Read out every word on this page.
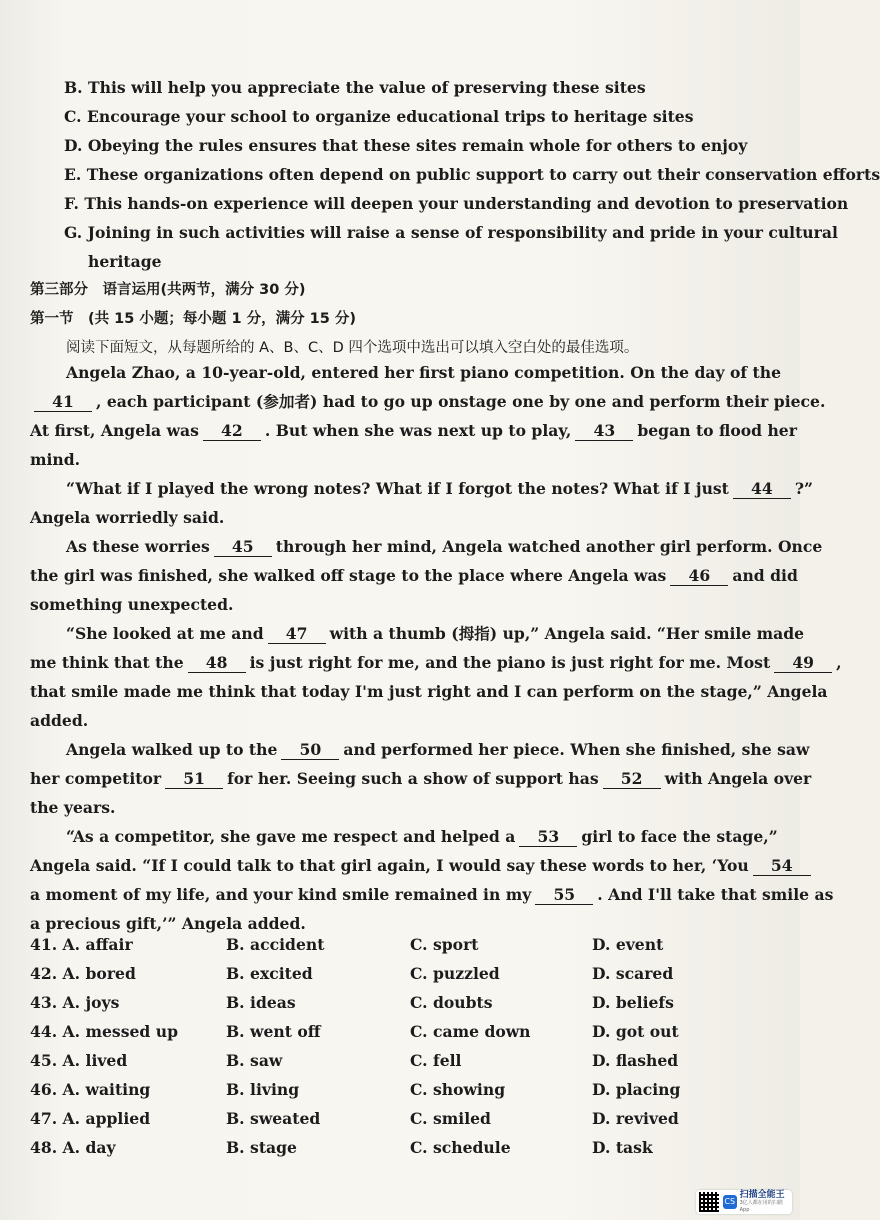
B. This will help you appreciate the value of preserving these sites
C. Encourage your school to organize educational trips to heritage sites
D. Obeying the rules ensures that these sites remain whole for others to enjoy
E. These organizations often depend on public support to carry out their conservation efforts
F. This hands-on experience will deepen your understanding and devotion to preservation
G. Joining in such activities will raise a sense of responsibility and pride in your cultural
heritage
第三部分　语言运用(共两节，满分 30 分)
第一节　(共 15 小题；每小题 1 分，满分 15 分)
阅读下面短文，从每题所给的 A、B、C、D 四个选项中选出可以填入空白处的最佳选项。
Angela Zhao, a 10-year-old, entered her first piano competition. On the day of the
41 , each participant (参加者) had to go up onstage one by one and perform their piece.
At first, Angela was 42 . But when she was next up to play, 43 began to flood her
mind.
“What if I played the wrong notes? What if I forgot the notes? What if I just 44 ?”
Angela worriedly said.
As these worries 45 through her mind, Angela watched another girl perform. Once
the girl was finished, she walked off stage to the place where Angela was 46 and did
something unexpected.
“She looked at me and 47 with a thumb (拇指) up,” Angela said. “Her smile made
me think that the 48 is just right for me, and the piano is just right for me. Most 49 ,
that smile made me think that today I'm just right and I can perform on the stage,” Angela
added.
Angela walked up to the 50 and performed her piece. When she finished, she saw
her competitor 51 for her. Seeing such a show of support has 52 with Angela over
the years.
“As a competitor, she gave me respect and helped a 53 girl to face the stage,”
Angela said. “If I could talk to that girl again, I would say these words to her, ‘You 54
a moment of my life, and your kind smile remained in my 55 . And I'll take that smile as
a precious gift,’” Angela added.
41. A. affair	B. accident	C. sport	D. event
42. A. bored	B. excited	C. puzzled	D. scared
43. A. joys	B. ideas	C. doubts	D. beliefs
44. A. messed up	B. went off	C. came down	D. got out
45. A. lived	B. saw	C. fell	D. flashed
46. A. waiting	B. living	C. showing	D. placing
47. A. applied	B. sweated	C. smiled	D. revived
48. A. day	B. stage	C. schedule	D. task
CS
扫描全能王
3亿人都在用的扫描App
